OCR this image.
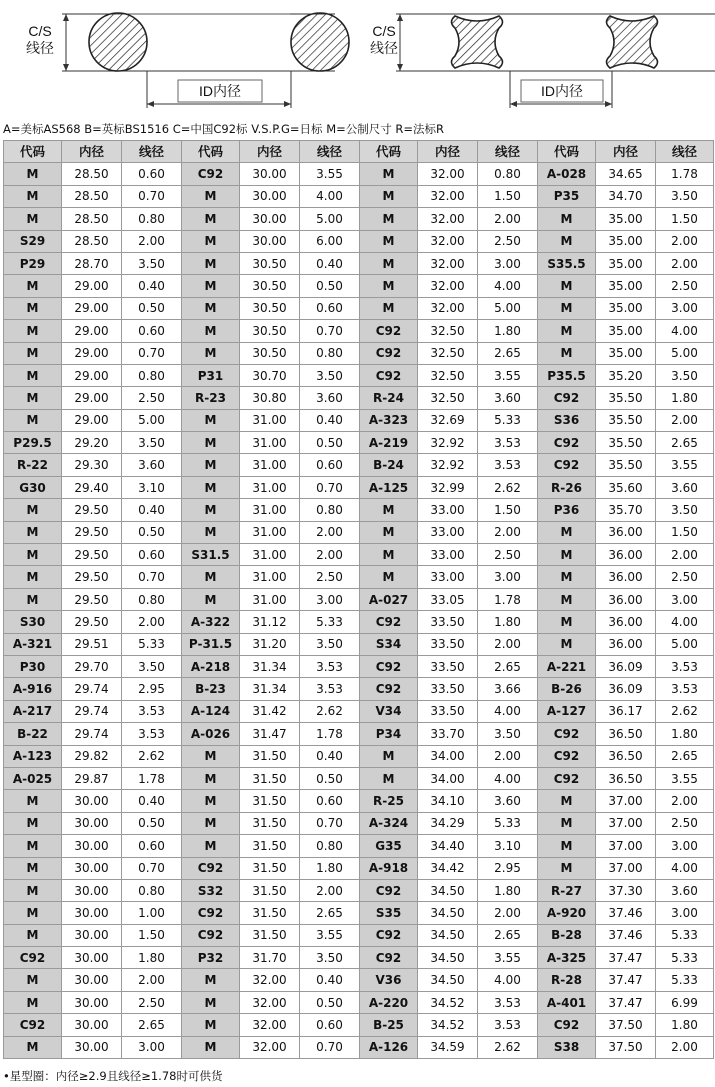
ID内径
C/S
线径
ID内径
C/S
线径
A=美标AS568 B=英标BS1516 C=中国C92标 V.S.P.G=日标 M=公制尺寸 R=法标R
代码	内径	线径	代码	内径	线径	代码	内径	线径	代码	内径	线径
M	28.50	0.60	C92	30.00	3.55	M	32.00	0.80	A-028	34.65	1.78
M	28.50	0.70	M	30.00	4.00	M	32.00	1.50	P35	34.70	3.50
M	28.50	0.80	M	30.00	5.00	M	32.00	2.00	M	35.00	1.50
S29	28.50	2.00	M	30.00	6.00	M	32.00	2.50	M	35.00	2.00
P29	28.70	3.50	M	30.50	0.40	M	32.00	3.00	S35.5	35.00	2.00
M	29.00	0.40	M	30.50	0.50	M	32.00	4.00	M	35.00	2.50
M	29.00	0.50	M	30.50	0.60	M	32.00	5.00	M	35.00	3.00
M	29.00	0.60	M	30.50	0.70	C92	32.50	1.80	M	35.00	4.00
M	29.00	0.70	M	30.50	0.80	C92	32.50	2.65	M	35.00	5.00
M	29.00	0.80	P31	30.70	3.50	C92	32.50	3.55	P35.5	35.20	3.50
M	29.00	2.50	R-23	30.80	3.60	R-24	32.50	3.60	C92	35.50	1.80
M	29.00	5.00	M	31.00	0.40	A-323	32.69	5.33	S36	35.50	2.00
P29.5	29.20	3.50	M	31.00	0.50	A-219	32.92	3.53	C92	35.50	2.65
R-22	29.30	3.60	M	31.00	0.60	B-24	32.92	3.53	C92	35.50	3.55
G30	29.40	3.10	M	31.00	0.70	A-125	32.99	2.62	R-26	35.60	3.60
M	29.50	0.40	M	31.00	0.80	M	33.00	1.50	P36	35.70	3.50
M	29.50	0.50	M	31.00	2.00	M	33.00	2.00	M	36.00	1.50
M	29.50	0.60	S31.5	31.00	2.00	M	33.00	2.50	M	36.00	2.00
M	29.50	0.70	M	31.00	2.50	M	33.00	3.00	M	36.00	2.50
M	29.50	0.80	M	31.00	3.00	A-027	33.05	1.78	M	36.00	3.00
S30	29.50	2.00	A-322	31.12	5.33	C92	33.50	1.80	M	36.00	4.00
A-321	29.51	5.33	P-31.5	31.20	3.50	S34	33.50	2.00	M	36.00	5.00
P30	29.70	3.50	A-218	31.34	3.53	C92	33.50	2.65	A-221	36.09	3.53
A-916	29.74	2.95	B-23	31.34	3.53	C92	33.50	3.66	B-26	36.09	3.53
A-217	29.74	3.53	A-124	31.42	2.62	V34	33.50	4.00	A-127	36.17	2.62
B-22	29.74	3.53	A-026	31.47	1.78	P34	33.70	3.50	C92	36.50	1.80
A-123	29.82	2.62	M	31.50	0.40	M	34.00	2.00	C92	36.50	2.65
A-025	29.87	1.78	M	31.50	0.50	M	34.00	4.00	C92	36.50	3.55
M	30.00	0.40	M	31.50	0.60	R-25	34.10	3.60	M	37.00	2.00
M	30.00	0.50	M	31.50	0.70	A-324	34.29	5.33	M	37.00	2.50
M	30.00	0.60	M	31.50	0.80	G35	34.40	3.10	M	37.00	3.00
M	30.00	0.70	C92	31.50	1.80	A-918	34.42	2.95	M	37.00	4.00
M	30.00	0.80	S32	31.50	2.00	C92	34.50	1.80	R-27	37.30	3.60
M	30.00	1.00	C92	31.50	2.65	S35	34.50	2.00	A-920	37.46	3.00
M	30.00	1.50	C92	31.50	3.55	C92	34.50	2.65	B-28	37.46	5.33
C92	30.00	1.80	P32	31.70	3.50	C92	34.50	3.55	A-325	37.47	5.33
M	30.00	2.00	M	32.00	0.40	V36	34.50	4.00	R-28	37.47	5.33
M	30.00	2.50	M	32.00	0.50	A-220	34.52	3.53	A-401	37.47	6.99
C92	30.00	2.65	M	32.00	0.60	B-25	34.52	3.53	C92	37.50	1.80
M	30.00	3.00	M	32.00	0.70	A-126	34.59	2.62	S38	37.50	2.00
•星型圈：内径≥2.9且线径≥1.78时可供货
